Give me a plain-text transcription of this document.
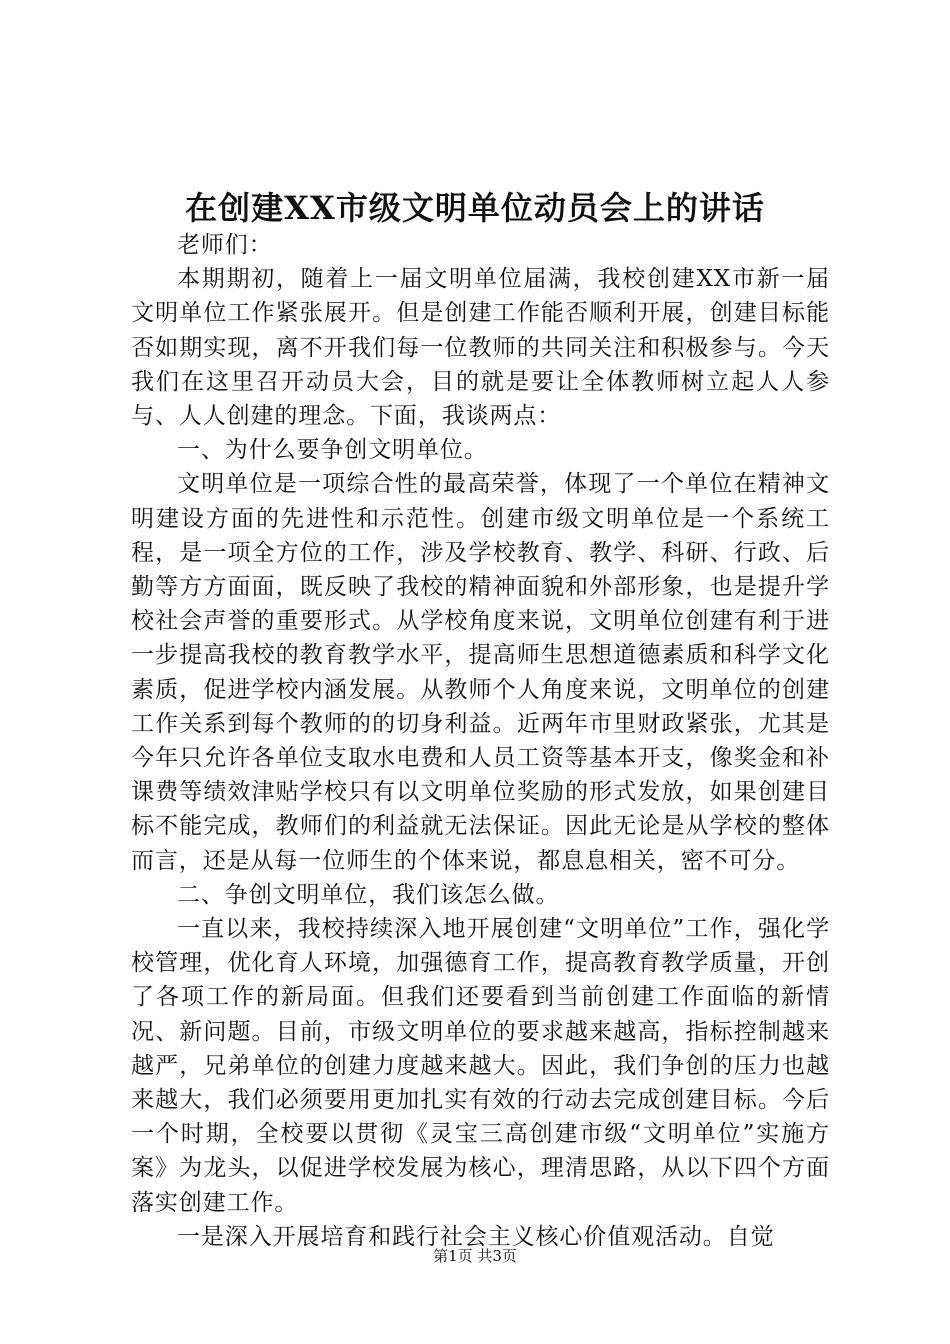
在创建XX市级文明单位动员会上的讲话

老师们：

本期期初，随着上一届文明单位届满，我校创建XX市新一届文明单位工作紧张展开。但是创建工作能否顺利开展，创建目标能否如期实现，离不开我们每一位教师的共同关注和积极参与。今天我们在这里召开动员大会，目的就是要让全体教师树立起人人参与、人人创建的理念。下面，我谈两点：

一、为什么要争创文明单位。

文明单位是一项综合性的最高荣誉，体现了一个单位在精神文明建设方面的先进性和示范性。创建市级文明单位是一个系统工程，是一项全方位的工作，涉及学校教育、教学、科研、行政、后勤等方方面面，既反映了我校的精神面貌和外部形象，也是提升学校社会声誉的重要形式。从学校角度来说，文明单位创建有利于进一步提高我校的教育教学水平，提高师生思想道德素质和科学文化素质，促进学校内涵发展。从教师个人角度来说，文明单位的创建工作关系到每个教师的的切身利益。近两年市里财政紧张，尤其是今年只允许各单位支取水电费和人员工资等基本开支，像奖金和补课费等绩效津贴学校只有以文明单位奖励的形式发放，如果创建目标不能完成，教师们的利益就无法保证。因此无论是从学校的整体而言，还是从每一位师生的个体来说，都息息相关，密不可分。

二、争创文明单位，我们该怎么做。

一直以来，我校持续深入地开展创建“文明单位”工作，强化学校管理，优化育人环境，加强德育工作，提高教育教学质量，开创了各项工作的新局面。但我们还要看到当前创建工作面临的新情况、新问题。目前，市级文明单位的要求越来越高，指标控制越来越严，兄弟单位的创建力度越来越大。因此，我们争创的压力也越来越大，我们必须要用更加扎实有效的行动去完成创建目标。今后一个时期，全校要以贯彻《灵宝三高创建市级“文明单位”实施方案》为龙头，以促进学校发展为核心，理清思路，从以下四个方面落实创建工作。

一是深入开展培育和践行社会主义核心价值观活动。自觉

第1页 共3页
